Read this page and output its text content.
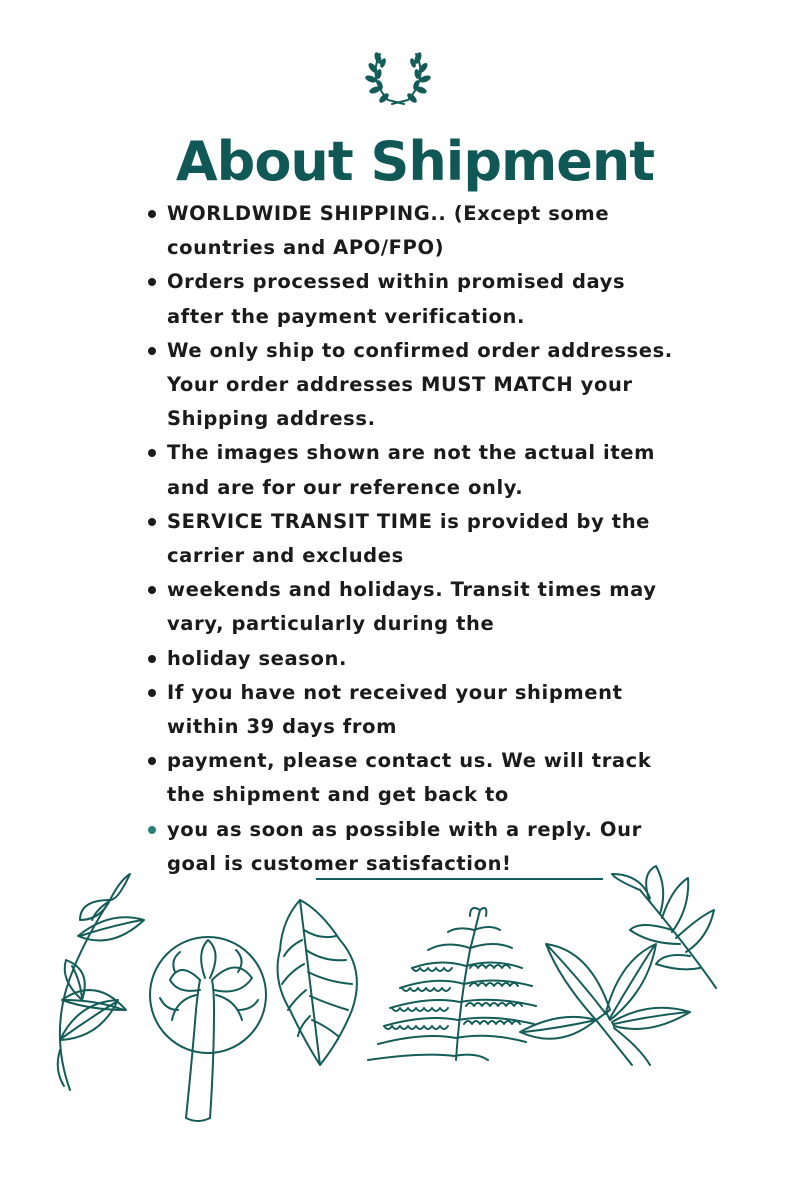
About Shipment
WORLDWIDE SHIPPING.. (Except some
countries and APO/FPO)
Orders processed within promised days
after the payment verification.
We only ship to confirmed order addresses.
Your order addresses MUST MATCH your
Shipping address.
The images shown are not the actual item
and are for our reference only.
SERVICE TRANSIT TIME is provided by the
carrier and excludes
weekends and holidays. Transit times may
vary, particularly during the
holiday season.
If you have not received your shipment
within 39 days from
payment, please contact us. We will track
the shipment and get back to
you as soon as possible with a reply. Our
goal is customer satisfaction!
